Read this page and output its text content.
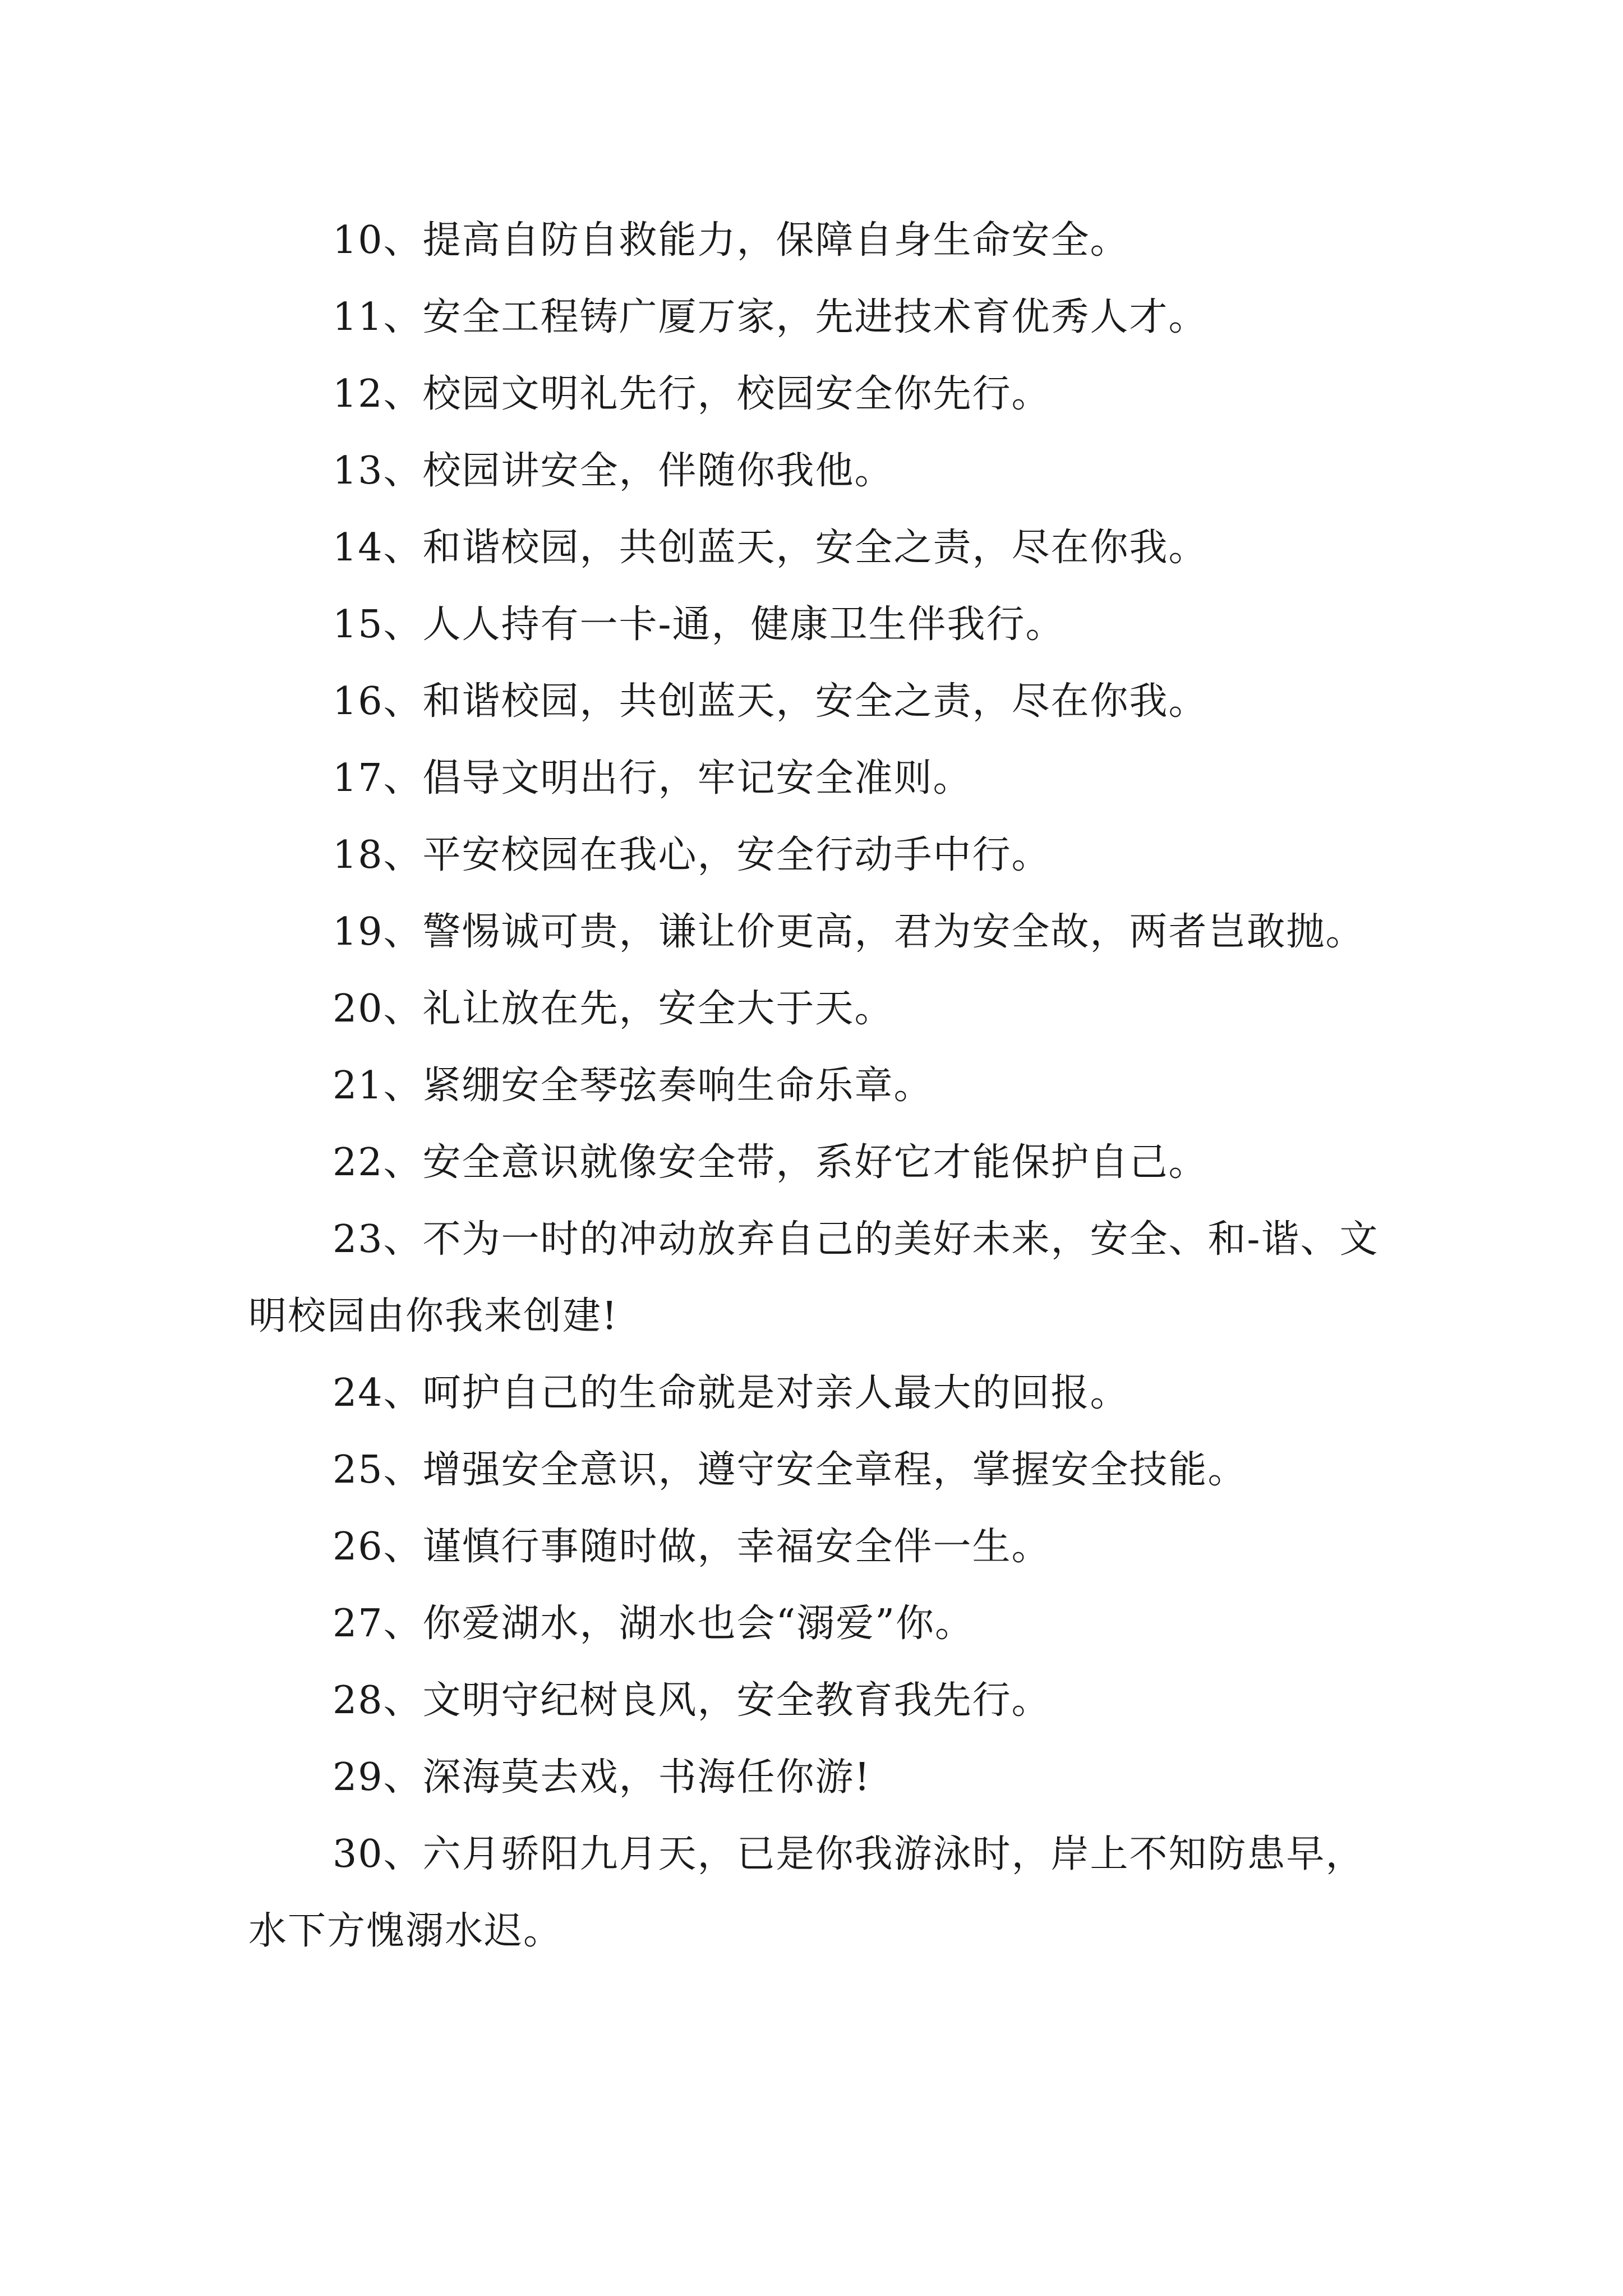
10、提高自防自救能力，保障自身生命安全。

11、安全工程铸广厦万家，先进技术育优秀人才。

12、校园文明礼先行，校园安全你先行。

13、校园讲安全，伴随你我他。

14、和谐校园，共创蓝天，安全之责，尽在你我。

15、人人持有一卡-通，健康卫生伴我行。

16、和谐校园，共创蓝天，安全之责，尽在你我。

17、倡导文明出行，牢记安全准则。

18、平安校园在我心，安全行动手中行。

19、警惕诚可贵，谦让价更高，君为安全故，两者岂敢抛。

20、礼让放在先，安全大于天。

21、紧绷安全琴弦奏响生命乐章。

22、安全意识就像安全带，系好它才能保护自己。

23、不为一时的冲动放弃自己的美好未来，安全、和-谐、文明校园由你我来创建!

24、呵护自己的生命就是对亲人最大的回报。

25、增强安全意识，遵守安全章程，掌握安全技能。

26、谨慎行事随时做，幸福安全伴一生。

27、你爱湖水，湖水也会“溺爱”你。

28、文明守纪树良风，安全教育我先行。

29、深海莫去戏，书海任你游!

30、六月骄阳九月天，已是你我游泳时，岸上不知防患早，水下方愧溺水迟。
